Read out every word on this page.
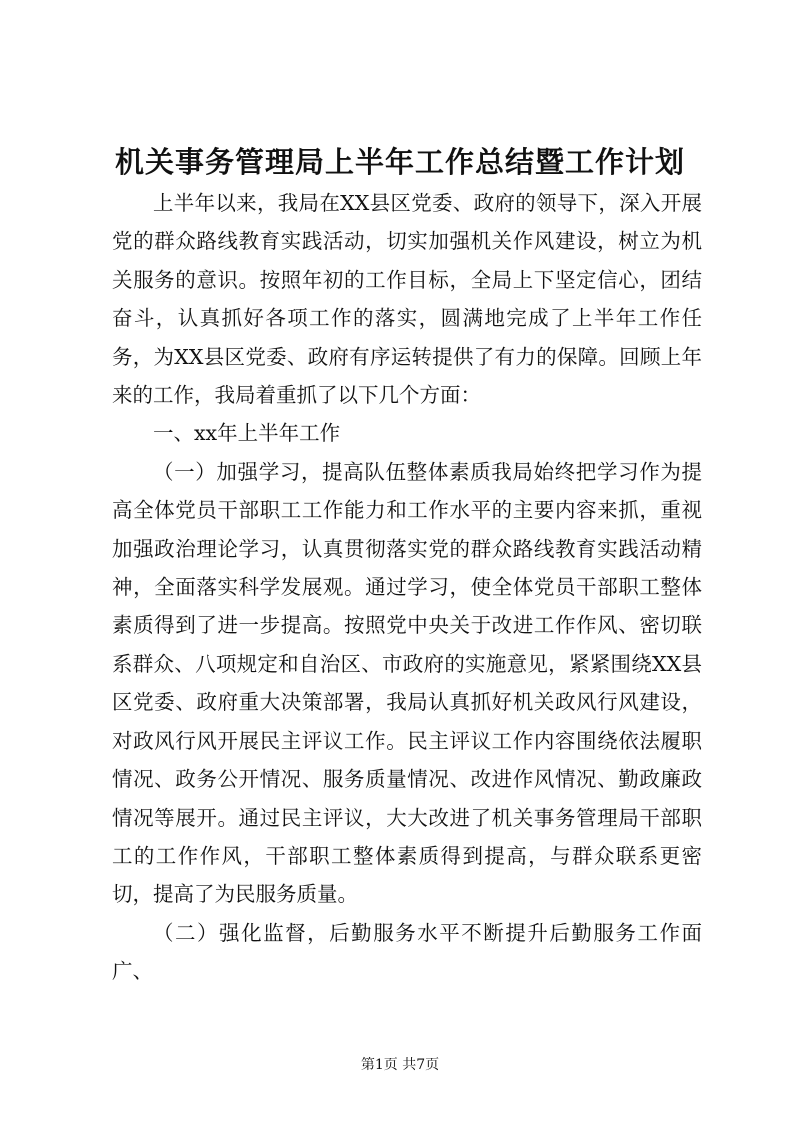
机关事务管理局上半年工作总结暨工作计划

上半年以来，我局在XX县区党委、政府的领导下，深入开展党的群众路线教育实践活动，切实加强机关作风建设，树立为机关服务的意识。按照年初的工作目标，全局上下坚定信心，团结奋斗，认真抓好各项工作的落实，圆满地完成了上半年工作任务，为XX县区党委、政府有序运转提供了有力的保障。回顾上年来的工作，我局着重抓了以下几个方面：

一、xx年上半年工作

（一）加强学习，提高队伍整体素质我局始终把学习作为提高全体党员干部职工工作能力和工作水平的主要内容来抓，重视加强政治理论学习，认真贯彻落实党的群众路线教育实践活动精神，全面落实科学发展观。通过学习，使全体党员干部职工整体素质得到了进一步提高。按照党中央关于改进工作作风、密切联系群众、八项规定和自治区、市政府的实施意见，紧紧围绕XX县区党委、政府重大决策部署，我局认真抓好机关政风行风建设，对政风行风开展民主评议工作。民主评议工作内容围绕依法履职情况、政务公开情况、服务质量情况、改进作风情况、勤政廉政情况等展开。通过民主评议，大大改进了机关事务管理局干部职工的工作作风，干部职工整体素质得到提高，与群众联系更密切，提高了为民服务质量。

（二）强化监督，后勤服务水平不断提升后勤服务工作面广、

第1页 共7页
